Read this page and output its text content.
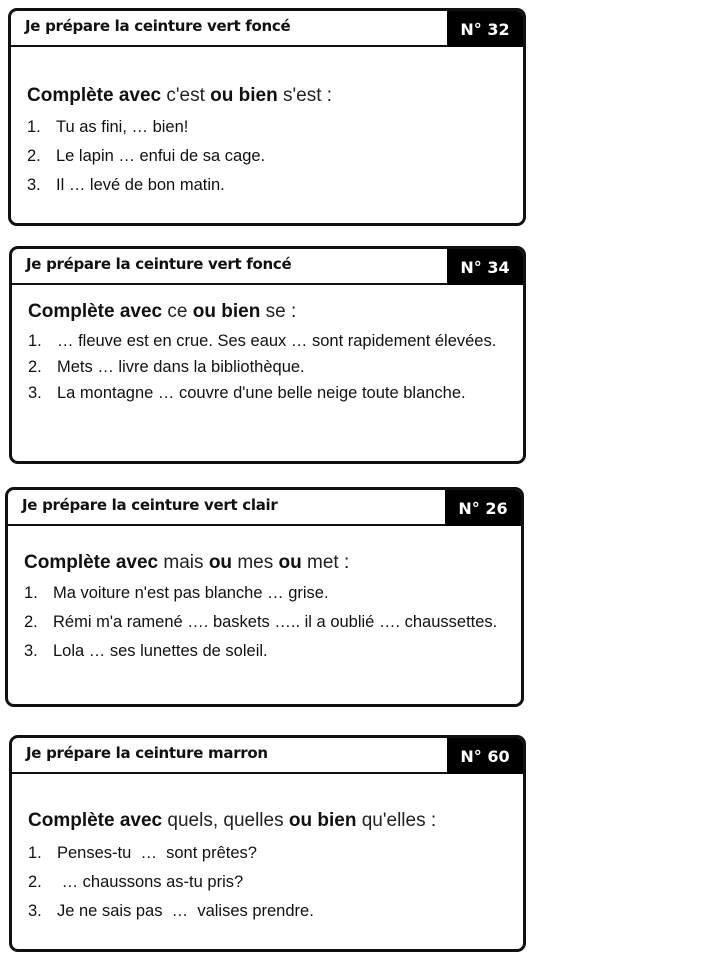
Je prépare la ceinture vert foncé	N° 32
Complète avec c'est ou bien s'est :
1. Tu as fini, … bien!
2. Le lapin … enfui de sa cage.
3. Il … levé de bon matin.
Je prépare la ceinture vert foncé	N° 34
Complète avec ce ou bien se :
1. … fleuve est en crue. Ses eaux … sont rapidement élevées.
2. Mets … livre dans la bibliothèque.
3. La montagne … couvre d'une belle neige toute blanche.
Je prépare la ceinture vert clair	N° 26
Complète avec mais ou mes ou met :
1. Ma voiture n'est pas blanche … grise.
2. Rémi m'a ramené …. baskets ….. il a oublié …. chaussettes.
3. Lola … ses lunettes de soleil.
Je prépare la ceinture marron	N° 60
Complète avec quels, quelles ou bien qu'elles :
1. Penses-tu  …  sont prêtes?
2. … chaussons as-tu pris?
3. Je ne sais pas  …  valises prendre.
